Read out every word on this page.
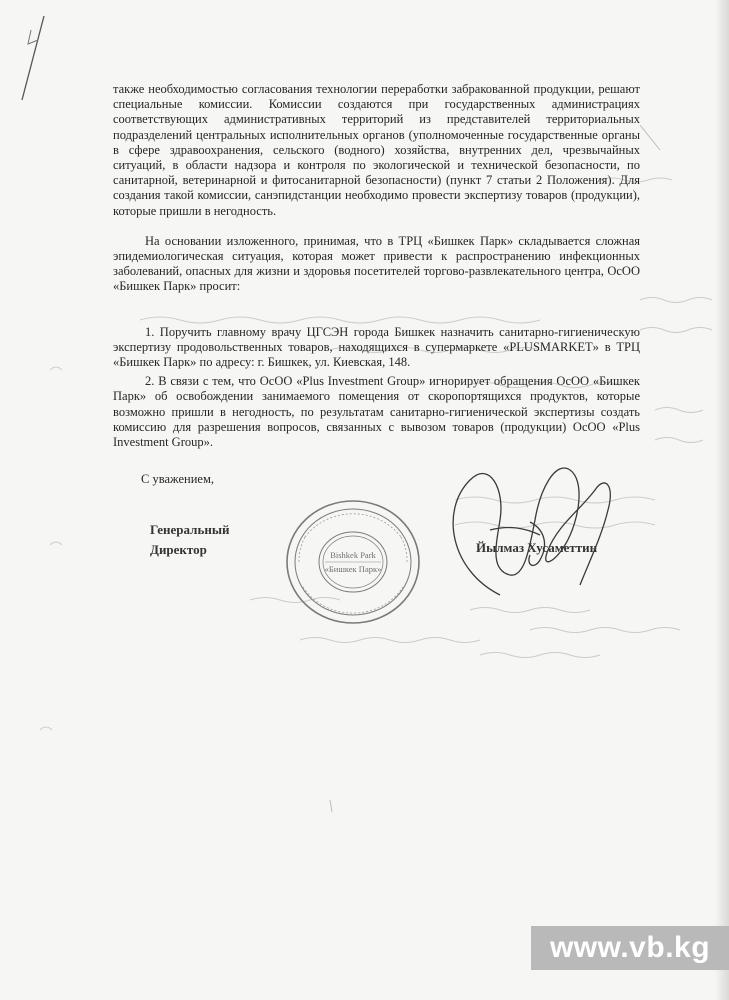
также необходимостью согласования технологии переработки забракованной продукции, решают специальные комиссии. Комиссии создаются при государственных администрациях соответствующих административных территорий из представителей территориальных подразделений центральных исполнительных органов (уполномоченные государственные органы в сфере здравоохранения, сельского (водного) хозяйства, внутренних дел, чрезвычайных ситуаций, в области надзора и контроля по экологической и технической безопасности, по санитарной, ветеринарной и фитосанитарной безопасности) (пункт 7 статьи 2 Положения). Для создания такой комиссии, санэпидстанции необходимо провести экспертизу товаров (продукции), которые пришли в негодность.

На основании изложенного, принимая, что в ТРЦ «Бишкек Парк» складывается сложная эпидемиологическая ситуация, которая может привести к распространению инфекционных заболеваний, опасных для жизни и здоровья посетителей торгово-развлекательного центра, ОсОО «Бишкек Парк» просит:

1. Поручить главному врачу ЦГСЭН города Бишкек назначить санитарно-гигиеническую экспертизу продовольственных товаров, находящихся в супермаркете «PLUSMARKET» в ТРЦ «Бишкек Парк» по адресу: г. Бишкек, ул. Киевская, 148.

2. В связи с тем, что ОсОО «Plus Investment Group» игнорирует обращения ОсОО «Бишкек Парк» об освобождении занимаемого помещения от скоропортящихся продуктов, которые возможно пришли в негодность, по результатам санитарно-гигиенической экспертизы создать комиссию для разрешения вопросов, связанных с вывозом товаров (продукции) ОсОО «Plus Investment Group».

С уважением,
Генеральный
Директор	Йылмаз Хусаметтин
Bishkek Park
«Бишкек Парк»
www.vb.kg
